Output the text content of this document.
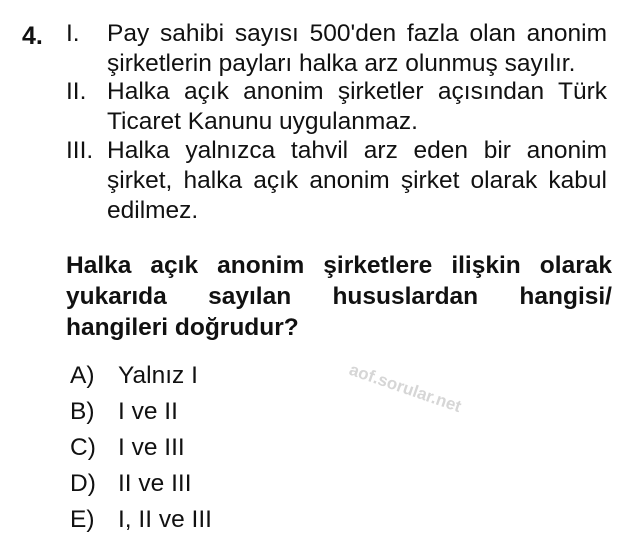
4. I. Pay sahibi sayısı 500'den fazla olan anonim şirketlerin payları halka arz olunmuş sayılır.
II. Halka açık anonim şirketler açısından Türk Ticaret Kanunu uygulanmaz.
III. Halka yalnızca tahvil arz eden bir anonim şirket, halka açık anonim şirket olarak kabul edilmez.
Halka açık anonim şirketlere ilişkin olarak yukarıda sayılan hususlardan hangisi/ hangileri doğrudur?
A) Yalnız I
B) I ve II
C) I ve III
D) II ve III
E) I, II ve III
aof.sorular.net
